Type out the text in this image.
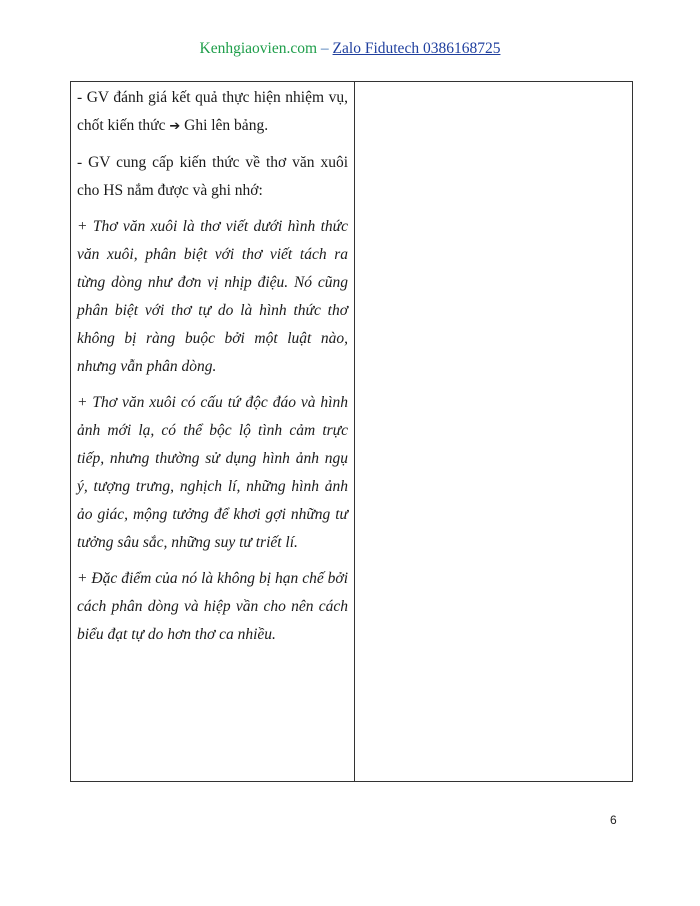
Kenhgiaovien.com – Zalo Fidutech 0386168725

- GV đánh giá kết quả thực hiện nhiệm vụ, chốt kiến thức ➔ Ghi lên bảng.

- GV cung cấp kiến thức về thơ văn xuôi cho HS nắm được và ghi nhớ:

+ Thơ văn xuôi là thơ viết dưới hình thức văn xuôi, phân biệt với thơ viết tách ra từng dòng như đơn vị nhịp điệu. Nó cũng phân biệt với thơ tự do là hình thức thơ không bị ràng buộc bởi một luật nào, nhưng vẫn phân dòng.

+ Thơ văn xuôi có cấu tứ độc đáo và hình ảnh mới lạ, có thể bộc lộ tình cảm trực tiếp, nhưng thường sử dụng hình ảnh ngụ ý, tượng trưng, nghịch lí, những hình ảnh ảo giác, mộng tưởng để khơi gợi những tư tưởng sâu sắc, những suy tư triết lí.

+ Đặc điểm của nó là không bị hạn chế bởi cách phân dòng và hiệp vần cho nên cách biểu đạt tự do hơn thơ ca nhiều.

6
